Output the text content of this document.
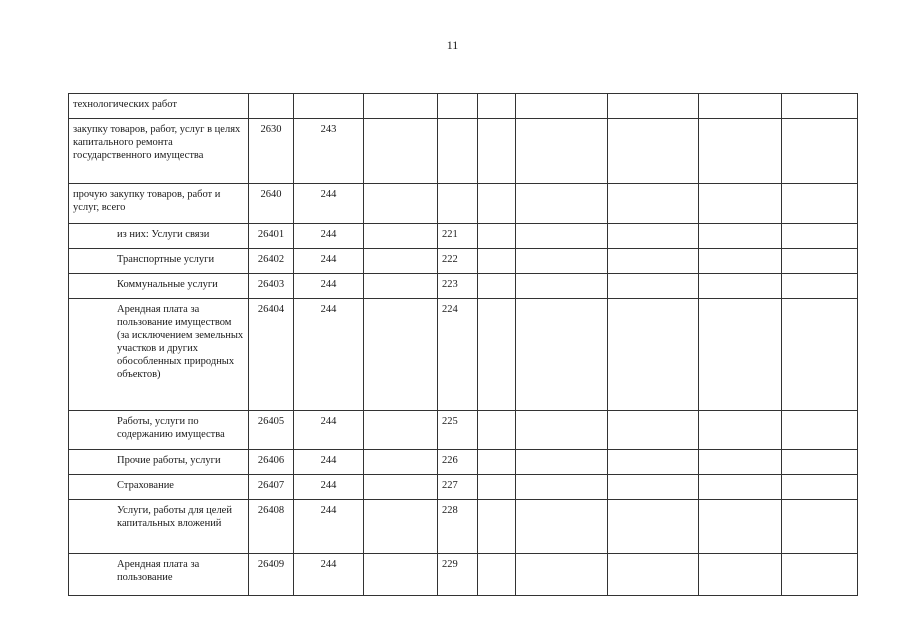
11
технологических работ									
закупку товаров, работ, услуг в целях капитального ремонта государственного имущества	2630	243							
прочую закупку товаров, работ и услуг, всего	2640	244							
из них: Услуги связи	26401	244		221					
Транспортные услуги	26402	244		222					
Коммунальные услуги	26403	244		223					
Арендная плата за пользование имуществом (за исключением земельных участков и других обособленных природных объектов)	26404	244		224					
Работы, услуги по содержанию имущества	26405	244		225					
Прочие работы, услуги	26406	244		226					
Страхование	26407	244		227					
Услуги, работы для целей капитальных вложений	26408	244		228					
Арендная плата за пользование	26409	244		229					
